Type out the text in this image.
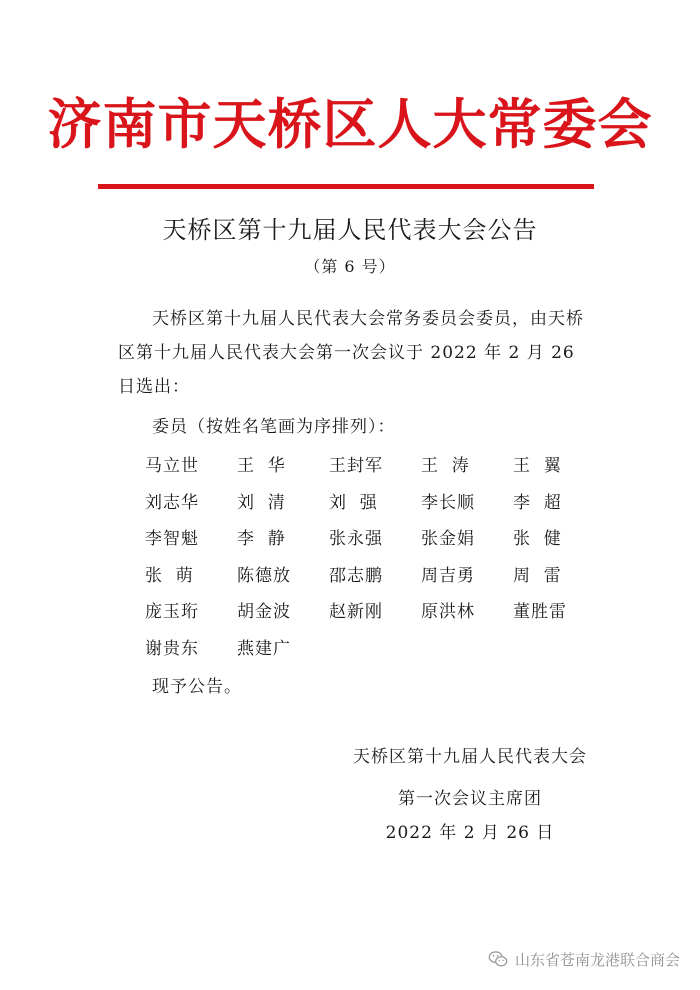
济南市天桥区人大常委会
天桥区第十九届人民代表大会公告
（第 6 号）
天桥区第十九届人民代表大会常务委员会委员，由天桥区第十九届人民代表大会第一次会议于 2022 年 2 月 26 日选出：
委员（按姓名笔画为序排列）：
马立世	王  华	王封军	王  涛	王  翼
刘志华	刘  清	刘  强	李长顺	李  超
李智魁	李  静	张永强	张金娟	张  健
张  萌	陈德放	邵志鹏	周吉勇	周  雷
庞玉珩	胡金波	赵新刚	原洪林	董胜雷
谢贵东	燕建广
现予公告。
天桥区第十九届人民代表大会
第一次会议主席团
2022 年 2 月 26 日
山东省苍南龙港联合商会
